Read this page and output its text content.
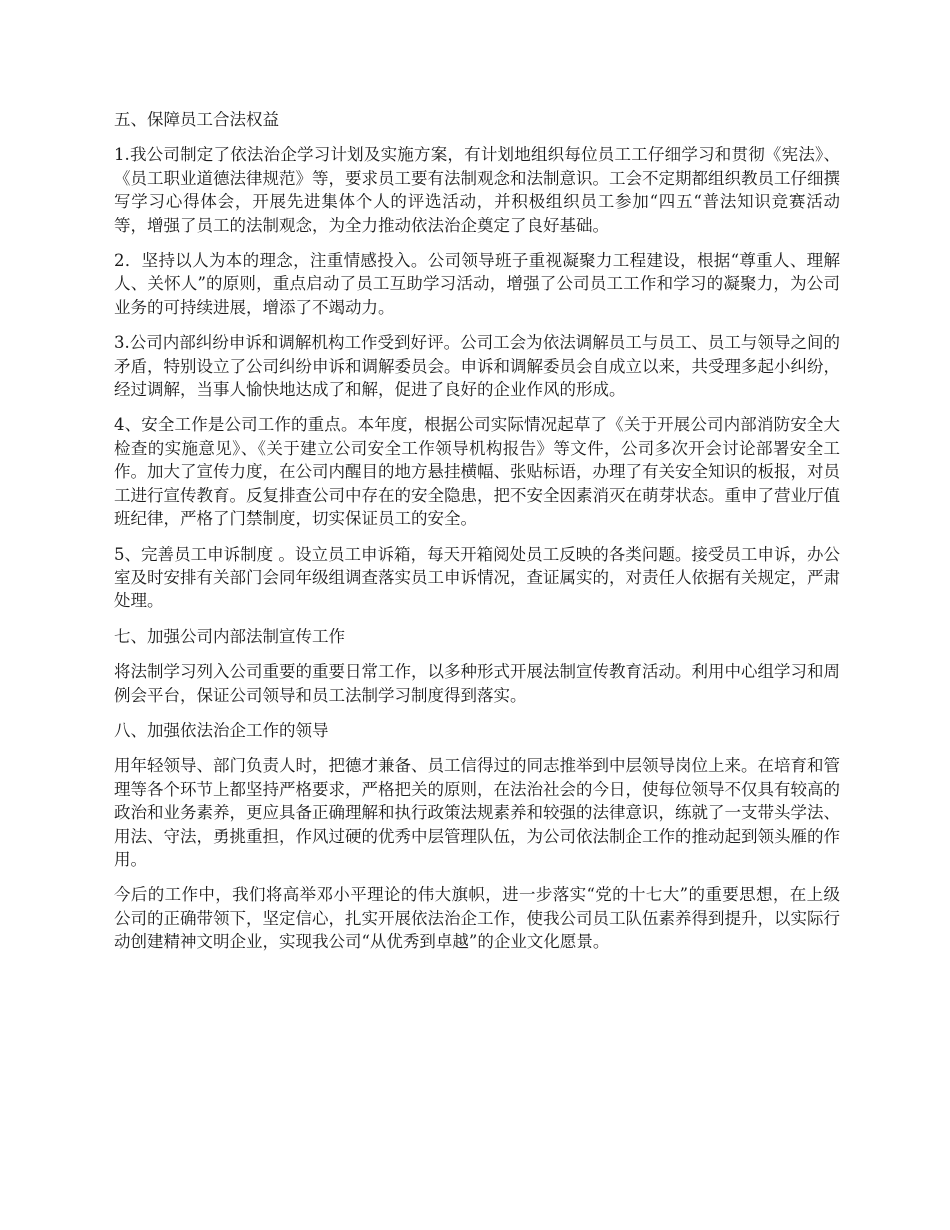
五、保障员工合法权益

1.我公司制定了依法治企学习计划及实施方案，有计划地组织每位员工工仔细学习和贯彻《宪法》、《员工职业道德法律规范》等，要求员工要有法制观念和法制意识。工会不定期都组织教员工仔细撰写学习心得体会，开展先进集体个人的评选活动，并积极组织员工参加“四五“普法知识竞赛活动等，增强了员工的法制观念，为全力推动依法治企奠定了良好基础。

2．坚持以人为本的理念，注重情感投入。公司领导班子重视凝聚力工程建设，根据“尊重人、理解人、关怀人”的原则，重点启动了员工互助学习活动，增强了公司员工工作和学习的凝聚力，为公司业务的可持续进展，增添了不竭动力。

3.公司内部纠纷申诉和调解机构工作受到好评。公司工会为依法调解员工与员工、员工与领导之间的矛盾，特别设立了公司纠纷申诉和调解委员会。申诉和调解委员会自成立以来，共受理多起小纠纷，经过调解，当事人愉快地达成了和解，促进了良好的企业作风的形成。

4、安全工作是公司工作的重点。本年度，根据公司实际情况起草了《关于开展公司内部消防安全大检查的实施意见》、《关于建立公司安全工作领导机构报告》等文件，公司多次开会讨论部署安全工作。加大了宣传力度，在公司内醒目的地方悬挂横幅、张贴标语，办理了有关安全知识的板报，对员工进行宣传教育。反复排查公司中存在的安全隐患，把不安全因素消灭在萌芽状态。重申了营业厅值班纪律，严格了门禁制度，切实保证员工的安全。

5、完善员工申诉制度 。设立员工申诉箱，每天开箱阅处员工反映的各类问题。接受员工申诉，办公室及时安排有关部门会同年级组调查落实员工申诉情况，查证属实的，对责任人依据有关规定，严肃处理。

七、加强公司内部法制宣传工作

将法制学习列入公司重要的重要日常工作，以多种形式开展法制宣传教育活动。利用中心组学习和周例会平台，保证公司领导和员工法制学习制度得到落实。

八、加强依法治企工作的领导

用年轻领导、部门负责人时，把德才兼备、员工信得过的同志推举到中层领导岗位上来。在培育和管理等各个环节上都坚持严格要求，严格把关的原则，在法治社会的今日，使每位领导不仅具有较高的政治和业务素养，更应具备正确理解和执行政策法规素养和较强的法律意识，练就了一支带头学法、用法、守法，勇挑重担，作风过硬的优秀中层管理队伍，为公司依法制企工作的推动起到领头雁的作用。

今后的工作中，我们将高举邓小平理论的伟大旗帜，进一步落实“党的十七大”的重要思想，在上级公司的正确带领下，坚定信心，扎实开展依法治企工作，使我公司员工队伍素养得到提升，以实际行动创建精神文明企业，实现我公司“从优秀到卓越”的企业文化愿景。
